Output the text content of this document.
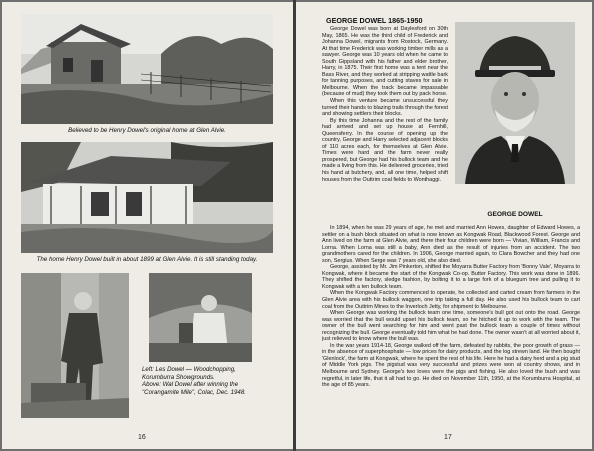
Believed to be Henry Dowel's original home at Glen Alvie.
The home Henry Dowel built in about 1899 at Glen Alvie. It is still standing today.
Left: Les Dowel — Woodchopping,
Korumburra Showgrounds.
Above: Wal Dowel after winning the
"Corangamite Mile", Colac, Dec. 1948.
16
GEORGE DOWEL 1865-1950

George Dowel was born at Daylesford on 30th May, 1865. He was the third child of Frederick and Johanna Dowel, migrants from Rostock, Germany. At that time Frederick was working timber mills as a sawyer. George was 10 years old when he came to South Gippsland with his father and elder brother, Harry, in 1875. Their first home was a tent near the Bass River, and they worked at stripping wattle bark for tanning purposes, and cutting staves for sale in Melbourne. When the track became impassable (because of mud) they took them out by pack horse.

When this venture became unsuccessful they turned their hands to blazing trails through the forest and showing settlers their blocks.

By this time Johanna and the rest of the family had arrived and set up house at Fernhill, Queensferry. In the course of opening up the country, George and Harry selected adjacent blocks of 110 acres each, for themselves at Glen Alvie. Times were hard and the farm never really prospered, but George had his bullock team and he made a living from this. He delivered groceries, tried his hand at butchery, and, all one time, helped shift houses from the Outtrim coal fields to Wonthaggi.

GEORGE DOWEL

In 1894, when he was 29 years of age, he met and married Ann Howes, daughter of Edward Howes, a settler on a bush block situated on what is now known as Kongwak Road, Blackwood Forest. George and Ann lived on the farm at Glen Alvie, and there their four children were born — Vivian, William, Francis and Lorna. When Lorna was still a baby, Ann died as the result of injuries from an accident. The two grandmothers cared for the children. In 1906, George married again, to Clara Bowcher and they had one son, Sergius. When Serge was 7 years old, she also died.

George, assisted by Mr. Jim Pinkerton, shifted the Moyarra Butter Factory from 'Bonny Vale', Moyarra to Kongwak, where it became the start of the Kongwak Co-op. Butter Factory. This work was done in 1896. They shifted the factory, sledge fashion, by bolting it to a large fork of a bluegum tree and pulling it to Kongwak with a ten bullock team.

When the Kongwak Factory commenced to operate, he collected and carted cream from farmers in the Glen Alvie area with his bullock waggon, one trip taking a full day. He also used his bullock team to cart coal from the Outtrim Mines to the Inverloch Jetty, for shipment to Melbourne.

When George was working the bullock team one time, someone's bull got out onto the road. George was worried that the bull would upset his bullock team, so he hitched it up to work with the team. The owner of the bull went searching for him and went past the bullock team a couple of times without recognizing the bull. George eventually told him what he had done. The owner wasn't at all worried about it, just relieved to know where the bull was.

In the war years 1914-18, George walked off the farm, defeated by rabbits, the poor growth of grass — in the absence of superphosphate — low prices for dairy products, and the log strewn land. He then bought 'Glenlock', the farm at Kongwak, where he spent the rest of his life. Here he had a dairy herd and a pig stud of Middle York pigs. The pigstud was very successful and prizes were won at country shows, and in Melbourne and Sydney. George's two loves were the pigs and fishing. He also loved the bush and was regretful, in later life, that it all had to go. He died on November 11th, 1950, at the Korumburra Hospital, at the age of 85 years.

17
